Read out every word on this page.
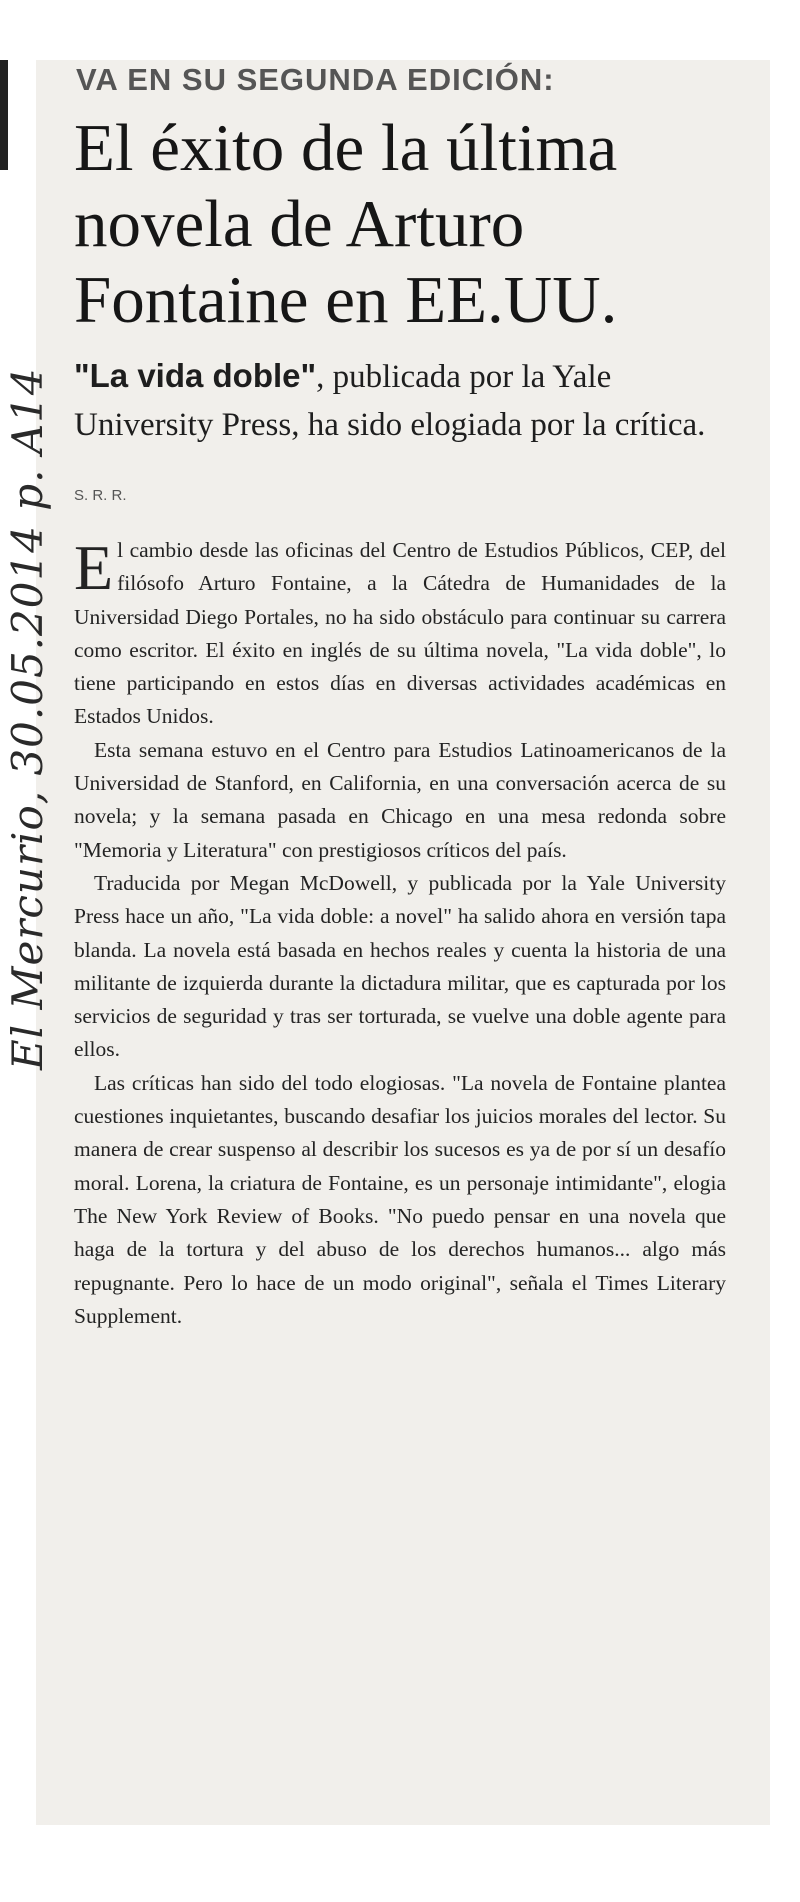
El Mercurio, 30.05.2014 p. A14
VA EN SU SEGUNDA EDICIÓN:
El éxito de la última novela de Arturo Fontaine en EE.UU.
"La vida doble", publicada por la Yale University Press, ha sido elogiada por la crítica.
S. R. R.

El cambio desde las oficinas del Centro de Estudios Públicos, CEP, del filósofo Arturo Fontaine, a la Cátedra de Humanidades de la Universidad Diego Portales, no ha sido obstáculo para continuar su carrera como escritor. El éxito en inglés de su última novela, "La vida doble", lo tiene participando en estos días en diversas actividades académicas en Estados Unidos.

Esta semana estuvo en el Centro para Estudios Latinoamericanos de la Universidad de Stanford, en California, en una conversación acerca de su novela; y la semana pasada en Chicago en una mesa redonda sobre "Memoria y Literatura" con prestigiosos críticos del país.

Traducida por Megan McDowell, y publicada por la Yale University Press hace un año, "La vida doble: a novel" ha salido ahora en versión tapa blanda. La novela está basada en hechos reales y cuenta la historia de una militante de izquierda durante la dictadura militar, que es capturada por los servicios de seguridad y tras ser torturada, se vuelve una doble agente para ellos.

Las críticas han sido del todo elogiosas. "La novela de Fontaine plantea cuestiones inquietantes, buscando desafiar los juicios morales del lector. Su manera de crear suspenso al describir los sucesos es ya de por sí un desafío moral. Lorena, la criatura de Fontaine, es un personaje intimidante", elogia The New York Review of Books. "No puedo pensar en una novela que haga de la tortura y del abuso de los derechos humanos... algo más repugnante. Pero lo hace de un modo original", señala el Times Literary Supplement.
